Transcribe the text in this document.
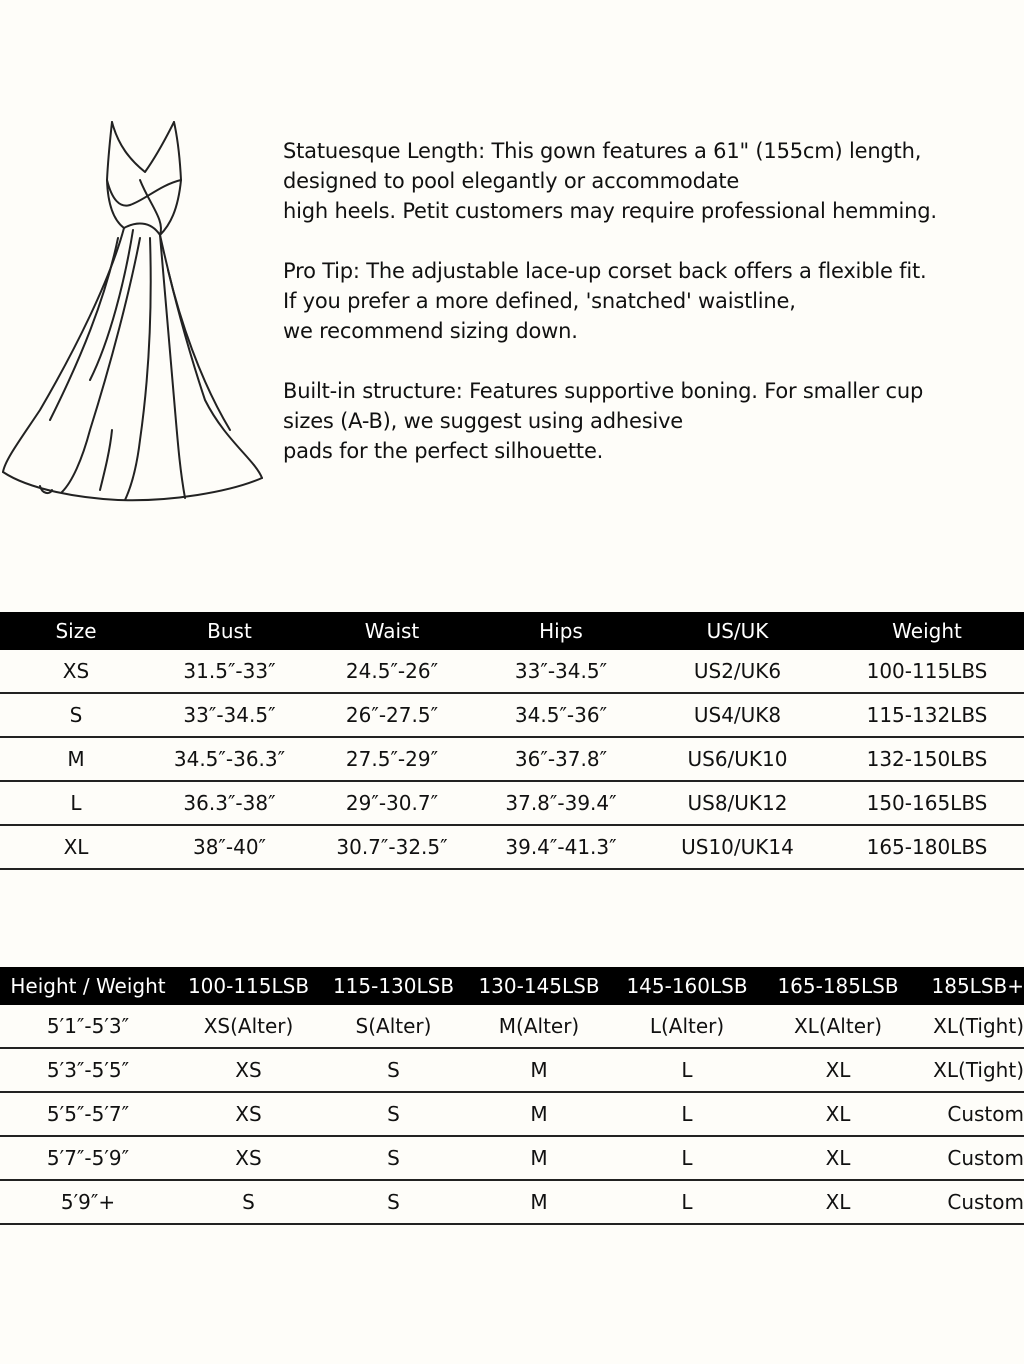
Statuesque Length: This gown features a 61" (155cm) length,
designed to pool elegantly or accommodate
high heels. Petit customers may require professional hemming.

Pro Tip: The adjustable lace-up corset back offers a flexible fit.
If you prefer a more defined, 'snatched' waistline,
we recommend sizing down.

Built-in structure: Features supportive boning. For smaller cup
sizes (A-B), we suggest using adhesive
pads for the perfect silhouette.

Size	Bust	Waist	Hips	US/UK	Weight
XS	31.5″-33″	24.5″-26″	33″-34.5″	US2/UK6	100-115LBS
S	33″-34.5″	26″-27.5″	34.5″-36″	US4/UK8	115-132LBS
M	34.5″-36.3″	27.5″-29″	36″-37.8″	US6/UK10	132-150LBS
L	36.3″-38″	29″-30.7″	37.8″-39.4″	US8/UK12	150-165LBS
XL	38″-40″	30.7″-32.5″	39.4″-41.3″	US10/UK14	165-180LBS
Height / Weight	100-115LSB	115-130LSB	130-145LSB	145-160LSB	165-185LSB	185LSB+
5′1″-5′3″	XS(Alter)	S(Alter)	M(Alter)	L(Alter)	XL(Alter)	XL(Tight)
5′3″-5′5″	XS	S	M	L	XL	XL(Tight)
5′5″-5′7″	XS	S	M	L	XL	Custom
5′7″-5′9″	XS	S	M	L	XL	Custom
5′9″+	S	S	M	L	XL	Custom
